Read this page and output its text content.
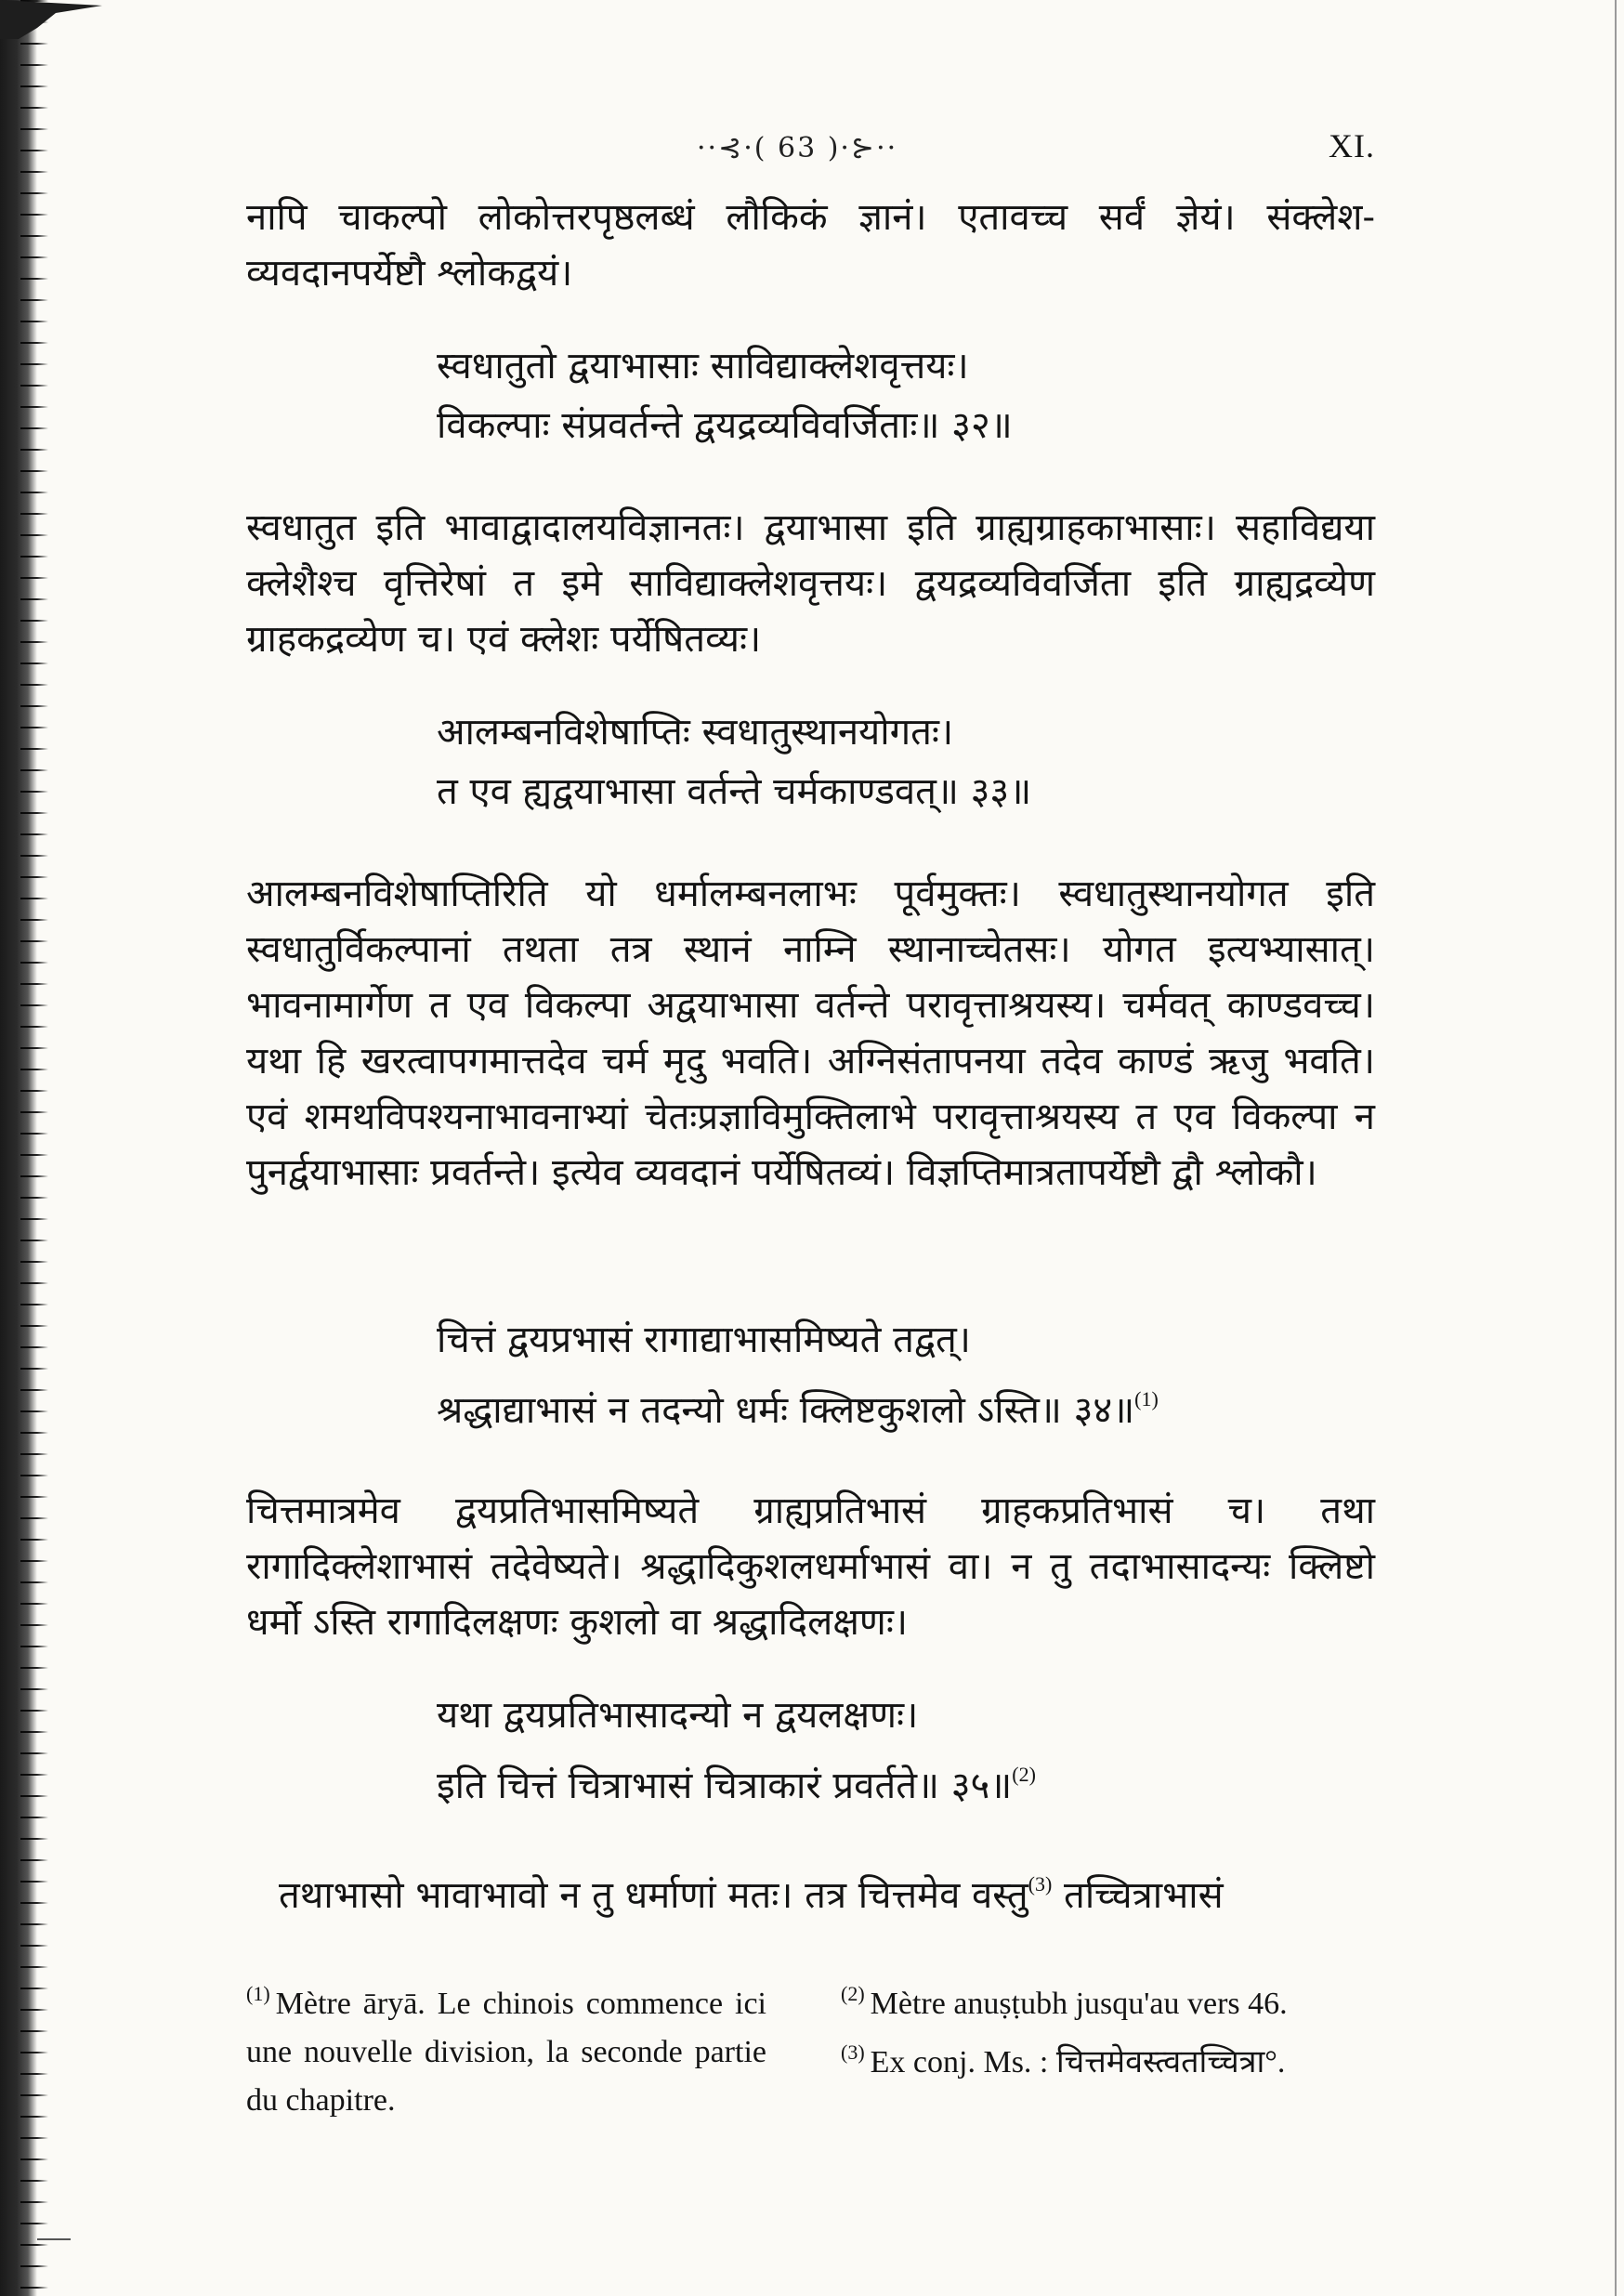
··⊰·( 63 )·⊱··	XI.
नापि चाकल्पो लोकोत्तरपृष्ठलब्धं लौकिकं ज्ञानं। एतावच्च सर्वं ज्ञेयं। संक्लेश-व्यवदानपर्येष्टौ श्लोकद्वयं।
स्वधातुतो द्वयाभासाः साविद्याक्लेशवृत्तयः।
विकल्पाः संप्रवर्तन्ते द्वयद्रव्यविवर्जिताः॥ ३२॥
स्वधातुत इति भावाद्वादालयविज्ञानतः। द्वयाभासा इति ग्राह्यग्राहकाभासाः। सहाविद्यया क्लेशैश्च वृत्तिरेषां त इमे साविद्याक्लेशवृत्तयः। द्वयद्रव्यविवर्जिता इति ग्राह्यद्रव्येण ग्राहकद्रव्येण च। एवं क्लेशः पर्येषितव्यः।
आलम्बनविशेषाप्तिः स्वधातुस्थानयोगतः।
त एव ह्यद्वयाभासा वर्तन्ते चर्मकाण्डवत्॥ ३३॥
आलम्बनविशेषाप्तिरिति यो धर्मालम्बनलाभः पूर्वमुक्तः। स्वधातुस्थानयोगत इति स्वधातुर्विकल्पानां तथता तत्र स्थानं नाम्नि स्थानाच्चेतसः। योगत इत्यभ्यासात्। भावनामार्गेण त एव विकल्पा अद्वयाभासा वर्तन्ते परावृत्ताश्रयस्य। चर्मवत् काण्डवच्च। यथा हि खरत्वापगमात्तदेव चर्म मृदु भवति। अग्निसंतापनया तदेव काण्डं ऋजु भवति। एवं शमथविपश्यनाभावनाभ्यां चेतःप्रज्ञाविमुक्तिलाभे परावृत्ताश्रयस्य त एव विकल्पा न पुनर्द्वयाभासाः प्रवर्तन्ते। इत्येव व्यवदानं पर्येषितव्यं। विज्ञप्तिमात्रतापर्येष्टौ द्वौ श्लोकौ।
चित्तं द्वयप्रभासं रागाद्याभासमिष्यते तद्वत्।
श्रद्धाद्याभासं न तदन्यो धर्मः क्लिष्टकुशलो ऽस्ति॥ ३४॥$^{(1)}$
चित्तमात्रमेव द्वयप्रतिभासमिष्यते ग्राह्यप्रतिभासं ग्राहकप्रतिभासं च। तथा रागादिक्लेशाभासं तदेवेष्यते। श्रद्धादिकुशलधर्माभासं वा। न तु तदाभासादन्यः क्लिष्टो धर्मो ऽस्ति रागादिलक्षणः कुशलो वा श्रद्धादिलक्षणः।
यथा द्वयप्रतिभासादन्यो न द्वयलक्षणः।
इति चित्तं चित्राभासं चित्राकारं प्रवर्तते॥ ३५॥$^{(2)}$
तथाभासो भावाभावो न तु धर्माणां मतः। तत्र चित्तमेव वस्तु$^{(3)}$ तच्चित्राभासं
$^{(1)}$ Mètre āryā. Le chinois commence ici une nouvelle division, la seconde partie du chapitre.
$^{(2)}$ Mètre anuṣṭubh jusqu'au vers 46.
$^{(3)}$ Ex conj. Ms. : चित्तमेवस्त्वतच्चित्रा°.
